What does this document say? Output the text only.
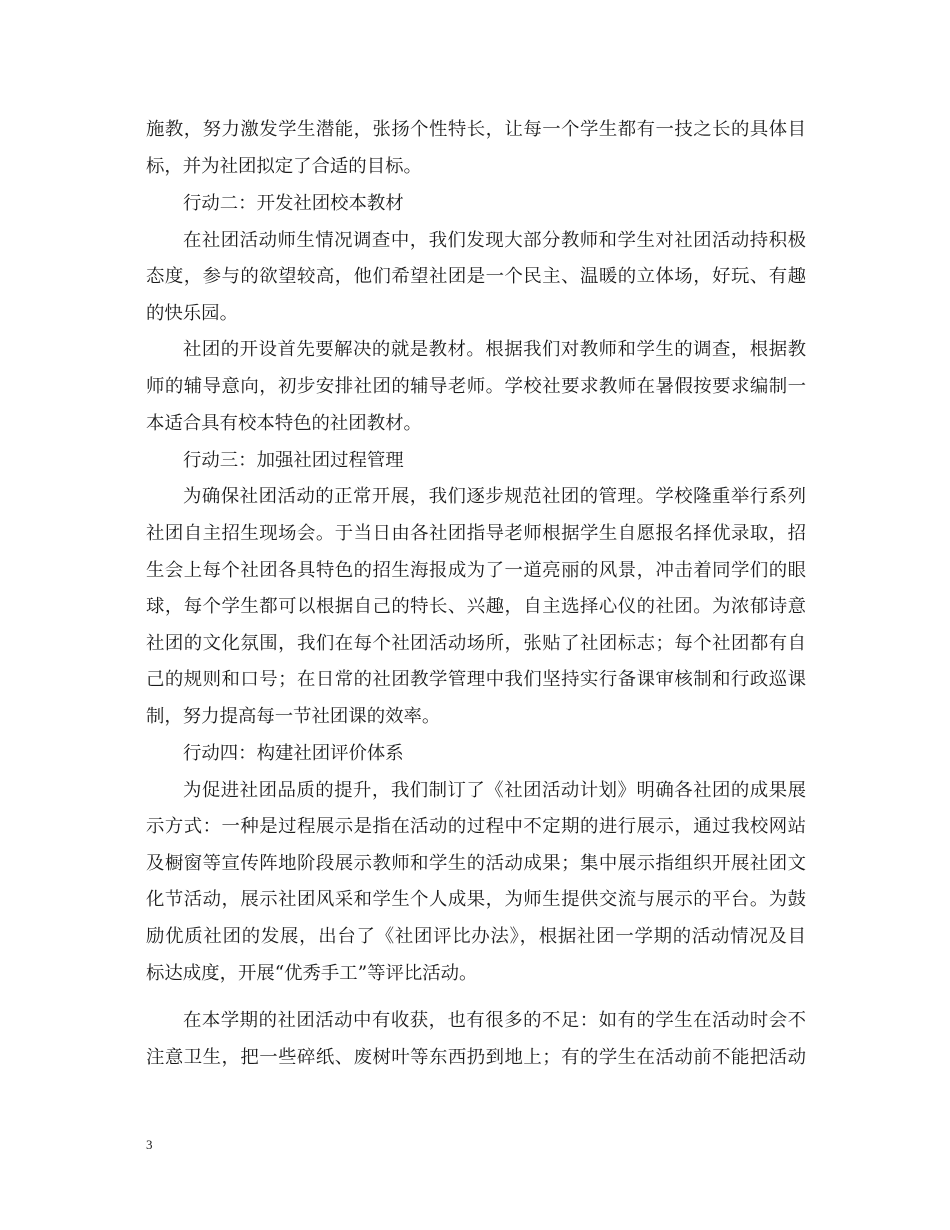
施教，努力激发学生潜能，张扬个性特长，让每一个学生都有一技之长的具体目
标，并为社团拟定了合适的目标。
行动二：开发社团校本教材
在社团活动师生情况调查中，我们发现大部分教师和学生对社团活动持积极
态度，参与的欲望较高，他们希望社团是一个民主、温暖的立体场，好玩、有趣
的快乐园。
社团的开设首先要解决的就是教材。根据我们对教师和学生的调查，根据教
师的辅导意向，初步安排社团的辅导老师。学校社要求教师在暑假按要求编制一
本适合具有校本特色的社团教材。
行动三：加强社团过程管理
为确保社团活动的正常开展，我们逐步规范社团的管理。学校隆重举行系列
社团自主招生现场会。于当日由各社团指导老师根据学生自愿报名择优录取，招
生会上每个社团各具特色的招生海报成为了一道亮丽的风景，冲击着同学们的眼
球，每个学生都可以根据自己的特长、兴趣，自主选择心仪的社团。为浓郁诗意
社团的文化氛围，我们在每个社团活动场所，张贴了社团标志；每个社团都有自
己的规则和口号；在日常的社团教学管理中我们坚持实行备课审核制和行政巡课
制，努力提高每一节社团课的效率。
行动四：构建社团评价体系
为促进社团品质的提升，我们制订了《社团活动计划》明确各社团的成果展
示方式：一种是过程展示是指在活动的过程中不定期的进行展示，通过我校网站
及橱窗等宣传阵地阶段展示教师和学生的活动成果；集中展示指组织开展社团文
化节活动，展示社团风采和学生个人成果，为师生提供交流与展示的平台。为鼓
励优质社团的发展，出台了《社团评比办法》，根据社团一学期的活动情况及目
标达成度，开展“优秀手工”等评比活动。
在本学期的社团活动中有收获，也有很多的不足：如有的学生在活动时会不
注意卫生，把一些碎纸、废树叶等东西扔到地上；有的学生在活动前不能把活动
3
